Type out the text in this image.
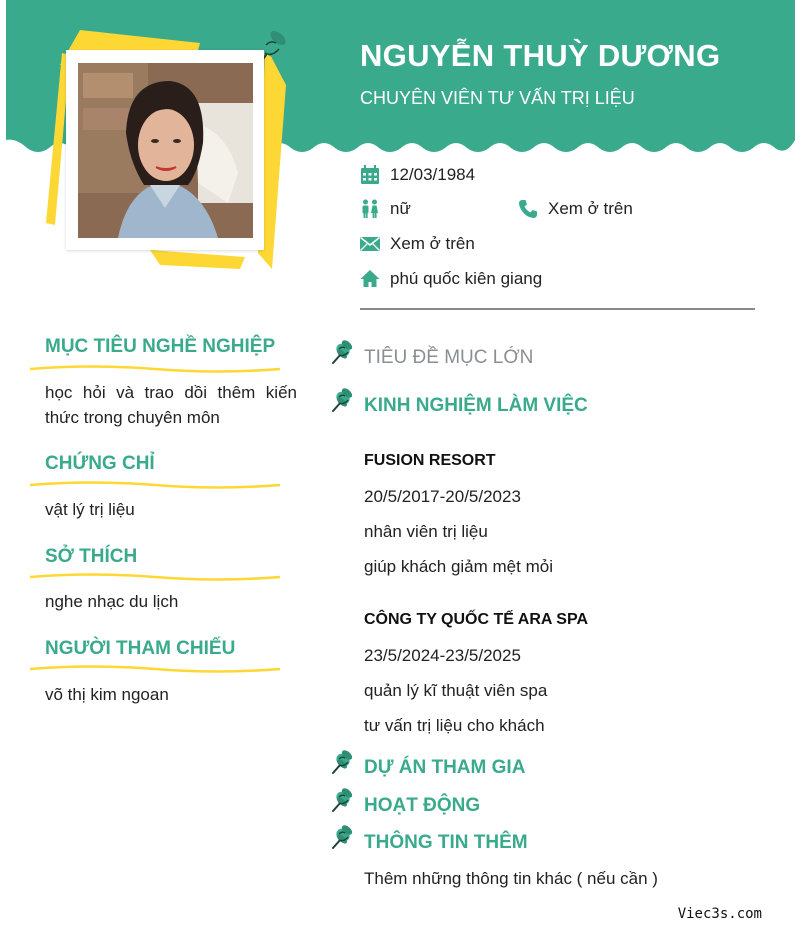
NGUYỄN THUỲ DƯƠNG
CHUYÊN VIÊN TƯ VẤN TRỊ LIỆU
12/03/1984
nữ	Xem ở trên
Xem ở trên
phú quốc kiên giang
MỤC TIÊU NGHỀ NGHIỆP
học hỏi và trao dồi thêm kiến thức trong chuyên môn
CHỨNG CHỈ
vật lý trị liệu
SỞ THÍCH
nghe nhạc du lịch
NGƯỜI THAM CHIẾU
võ thị kim ngoan
TIÊU ĐỀ MỤC LỚN
KINH NGHIỆM LÀM VIỆC
FUSION RESORT
20/5/2017-20/5/2023
nhân viên trị liệu
giúp khách giảm mệt mỏi
CÔNG TY QUỐC TẾ ARA SPA
23/5/2024-23/5/2025
quản lý kĩ thuật viên spa
tư vấn trị liệu cho khách
DỰ ÁN THAM GIA
HOẠT ĐỘNG
THÔNG TIN THÊM
Thêm những thông tin khác ( nếu cần )
Viec3s.com
